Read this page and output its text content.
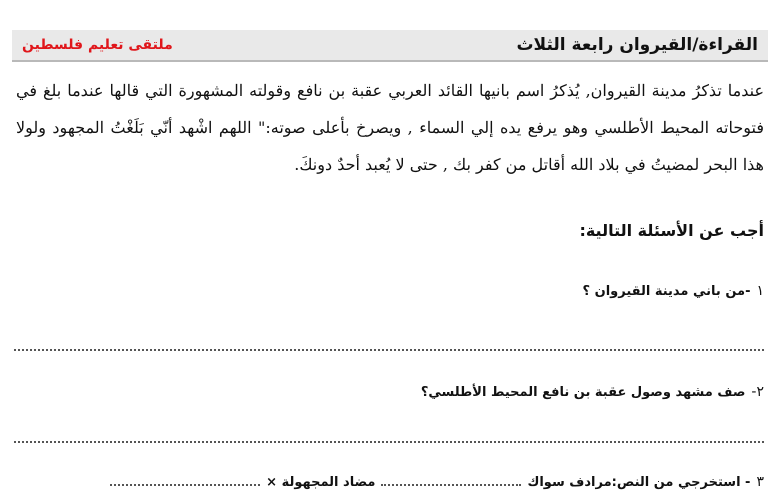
القراءة/القيروان رابعة الثلاث
ملتقى تعليم فلسطين

عندما تذكرُ مدينة القيروان, يُذكرُ اسم بانيها القائد العربي عقبة بن نافع وقولته المشهورة التي قالها عندما بلغ في فتوحاته المحيط الأطلسي وهو يرفع يده إلي السماء , ويصرخ بأعلى صوته:" اللهم اشْهد أنّي بَلَغْتُ المجهود ولولا هذا البحر لمضيتُ في بلاد الله أقاتل من كفر بك , حتى لا يُعبد أحدٌ دونكَ.

أجب عن الأسئلة التالية:
١
-من باني مدينة القيروان ؟
٢-
صف مشهد وصول عقبة بن نافع المحيط الأطلسي؟
٣
- استخرجي من النص:مرادف سواك
مضاد المجهولة ×
